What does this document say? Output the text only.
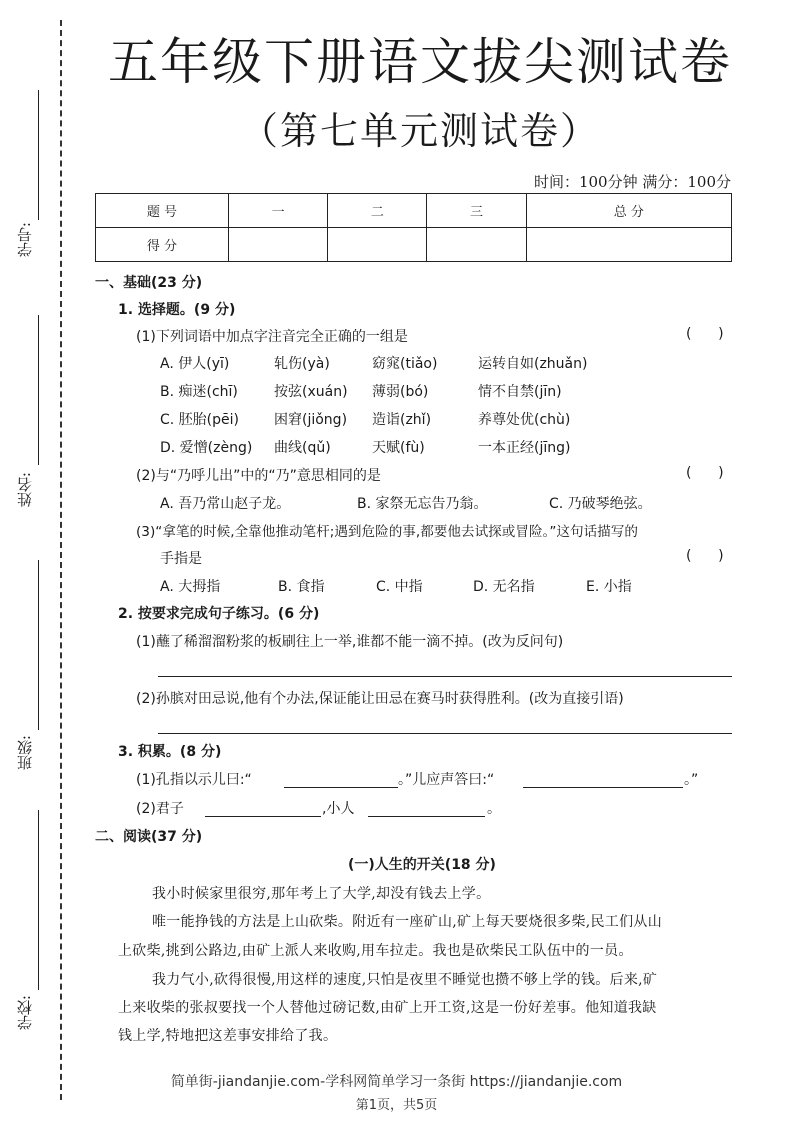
学号:
姓名:
班级:
学校:
五年级下册语文拔尖测试卷
（第七单元测试卷）
时间：100分钟 满分：100分
题 号	一	二	三	总 分
得 分				
一、基础(23 分)
1. 选择题。(9 分)
(1)下列词语中加点字注音完全正确的一组是	(      )
A. 伊人(yī)	轧伤(yà)	窈窕(tiǎo)	运转自如(zhuǎn)
B. 痴迷(chī)	按弦(xuán) 薄弱(bó)	情不自禁(jīn)
C. 胚胎(pēi)	困窘(jiǒng) 造诣(zhǐ)	养尊处优(chù)
D. 爱憎(zèng) 曲线(qǔ)	天赋(fù)	一本正经(jīng)
(2)与“乃呼儿出”中的“乃”意思相同的是	(      )
A. 吾乃常山赵子龙。	B. 家祭无忘告乃翁。	C. 乃破琴绝弦。
(3)“拿笔的时候,全靠他推动笔杆;遇到危险的事,都要他去试探或冒险。”这句话描写的
手指是	(      )
A. 大拇指	B. 食指	C. 中指	D. 无名指	E. 小指
2. 按要求完成句子练习。(6 分)
(1)蘸了稀溜溜粉浆的板刷往上一举,谁都不能一滴不掉。(改为反问句)
(2)孙膑对田忌说,他有个办法,保证能让田忌在赛马时获得胜利。(改为直接引语)
3. 积累。(8 分)
(1)孔指以示儿曰:“	。”儿应声答曰:“	。”
(2)君子	,小人	。
二、阅读(37 分)
(一)人生的开关(18 分)
我小时候家里很穷,那年考上了大学,却没有钱去上学。
唯一能挣钱的方法是上山砍柴。附近有一座矿山,矿上每天要烧很多柴,民工们从山
上砍柴,挑到公路边,由矿上派人来收购,用车拉走。我也是砍柴民工队伍中的一员。
我力气小,砍得很慢,用这样的速度,只怕是夜里不睡觉也攒不够上学的钱。后来,矿
上来收柴的张叔要找一个人替他过磅记数,由矿上开工资,这是一份好差事。他知道我缺
钱上学,特地把这差事安排给了我。
简单街-jiandanjie.com-学科网简单学习一条街 https://jiandanjie.com
第1页，共5页
